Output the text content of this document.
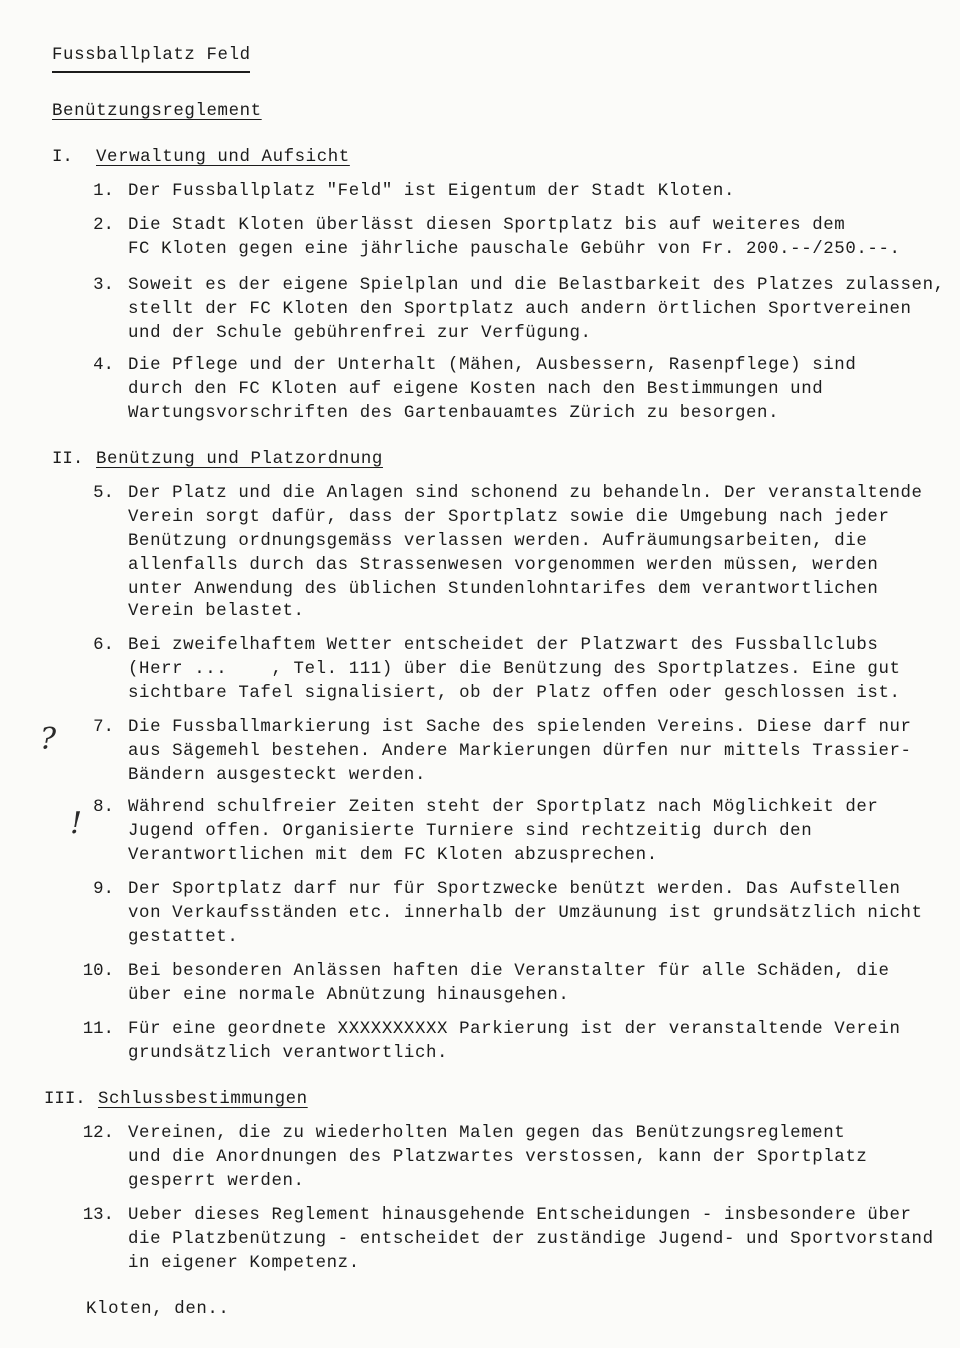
Fussballplatz Feld
Benützungsreglement
I. Verwaltung und Aufsicht
1. Der Fussballplatz "Feld" ist Eigentum der Stadt Kloten.
2. Die Stadt Kloten überlässt diesen Sportplatz bis auf weiteres dem
FC Kloten gegen eine jährliche pauschale Gebühr von Fr. 200.--/250.--.
3. Soweit es der eigene Spielplan und die Belastbarkeit des Platzes zulassen,
stellt der FC Kloten den Sportplatz auch andern örtlichen Sportvereinen
und der Schule gebührenfrei zur Verfügung.
4. Die Pflege und der Unterhalt (Mähen, Ausbessern, Rasenpflege) sind
durch den FC Kloten auf eigene Kosten nach den Bestimmungen und
Wartungsvorschriften des Gartenbauamtes Zürich zu besorgen.
II. Benützung und Platzordnung
5. Der Platz und die Anlagen sind schonend zu behandeln. Der veranstaltende
Verein sorgt dafür, dass der Sportplatz sowie die Umgebung nach jeder
Benützung ordnungsgemäss verlassen werden. Aufräumungsarbeiten, die
allenfalls durch das Strassenwesen vorgenommen werden müssen, werden
unter Anwendung des üblichen Stundenlohntarifes dem verantwortlichen
Verein belastet.
6. Bei zweifelhaftem Wetter entscheidet der Platzwart des Fussballclubs
(Herr ...    , Tel. 111) über die Benützung des Sportplatzes. Eine gut
sichtbare Tafel signalisiert, ob der Platz offen oder geschlossen ist.
7. Die Fussballmarkierung ist Sache des spielenden Vereins. Diese darf nur
aus Sägemehl bestehen. Andere Markierungen dürfen nur mittels Trassier-
Bändern ausgesteckt werden.
8. Während schulfreier Zeiten steht der Sportplatz nach Möglichkeit der
Jugend offen. Organisierte Turniere sind rechtzeitig durch den
Verantwortlichen mit dem FC Kloten abzusprechen.
9. Der Sportplatz darf nur für Sportzwecke benützt werden. Das Aufstellen
von Verkaufsständen etc. innerhalb der Umzäunung ist grundsätzlich nicht
gestattet.
10. Bei besonderen Anlässen haften die Veranstalter für alle Schäden, die
über eine normale Abnützung hinausgehen.
11. Für eine geordnete XXXXXXXXXX Parkierung ist der veranstaltende Verein
grundsätzlich verantwortlich.
III. Schlussbestimmungen
12. Vereinen, die zu wiederholten Malen gegen das Benützungsreglement
und die Anordnungen des Platzwartes verstossen, kann der Sportplatz
gesperrt werden.
13. Ueber dieses Reglement hinausgehende Entscheidungen - insbesondere über
die Platzbenützung - entscheidet der zuständige Jugend- und Sportvorstand
in eigener Kompetenz.
Kloten, den..
?
!
